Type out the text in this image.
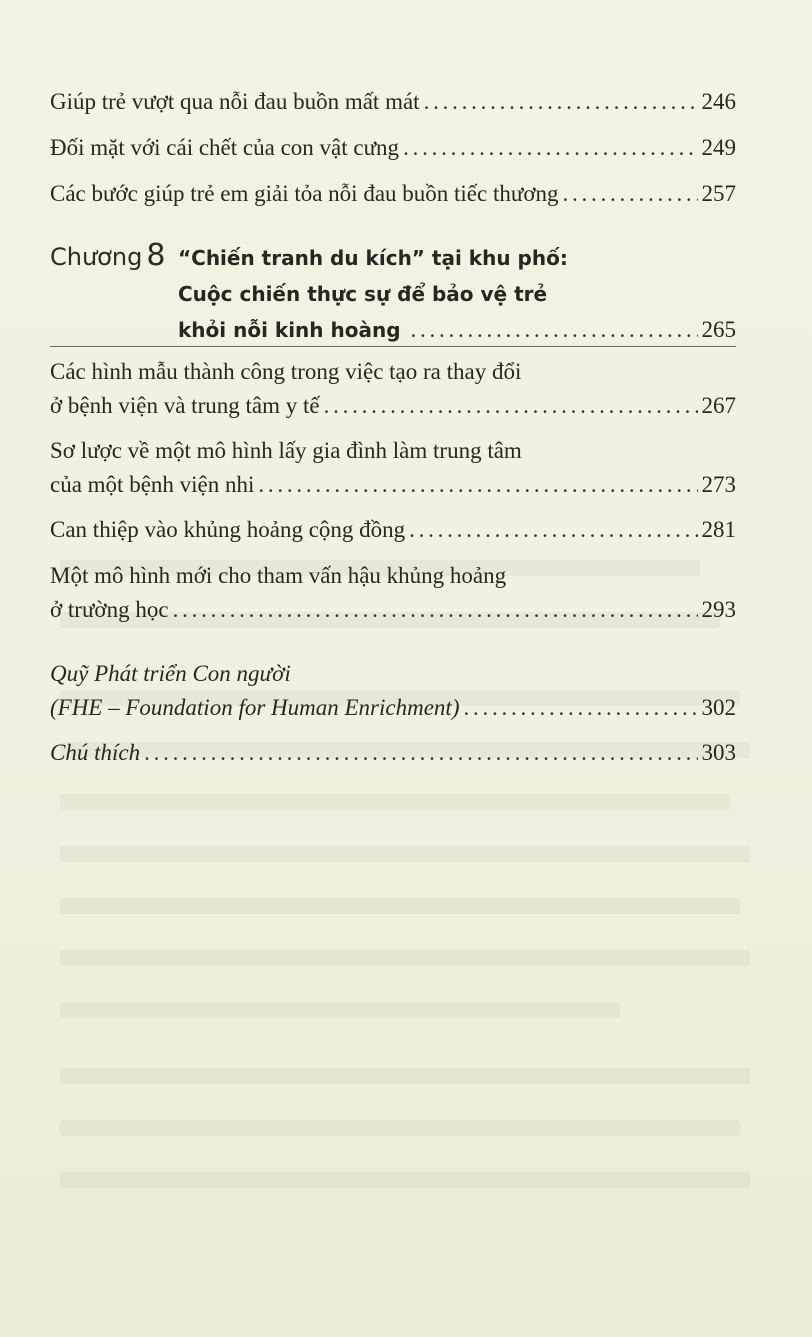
Giúp trẻ vượt qua nỗi đau buồn mất mát . . .	246
Đối mặt với cái chết của con vật cưng . . .	249
Các bước giúp trẻ em giải tỏa nỗi đau buồn tiếc thương . . .	257
Chương 8 “Chiến tranh du kích” tại khu phố:
Cuộc chiến thực sự để bảo vệ trẻ
khỏi nỗi kinh hoàng . . .	265
Các hình mẫu thành công trong việc tạo ra thay đổi
ở bệnh viện và trung tâm y tế . . .	267
Sơ lược về một mô hình lấy gia đình làm trung tâm
của một bệnh viện nhi . . .	273
Can thiệp vào khủng hoảng cộng đồng . . .	281
Một mô hình mới cho tham vấn hậu khủng hoảng
ở trường học . . .	293
Quỹ Phát triển Con người
(FHE – Foundation for Human Enrichment) . . .	302
Chú thích . . .	303
